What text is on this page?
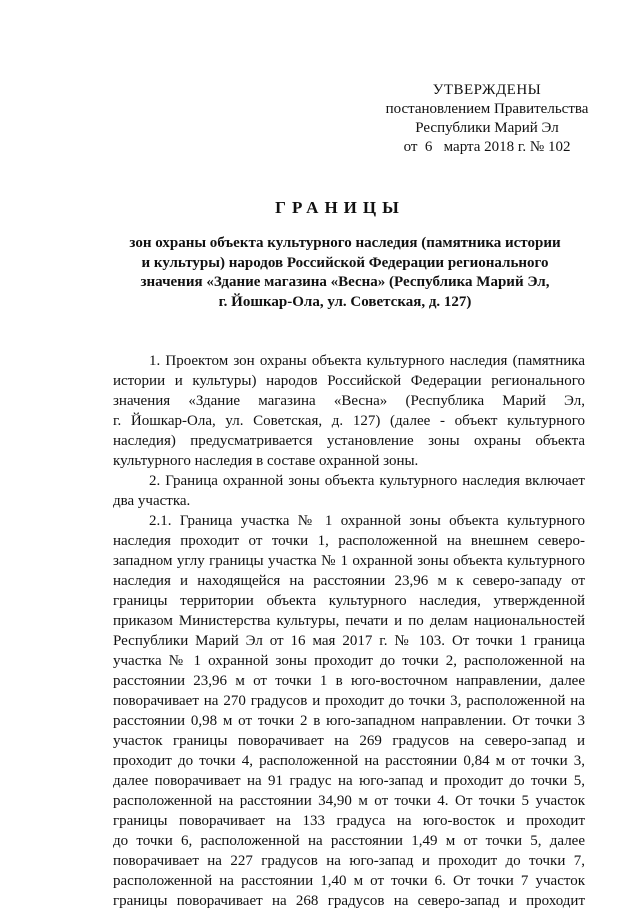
УТВЕРЖДЕНЫ
постановлением Правительства
Республики Марий Эл
от  6   марта 2018 г. № 102
ГРАНИЦЫ
зон охраны объекта культурного наследия (памятника истории
и культуры) народов Российской Федерации регионального
значения «Здание магазина «Весна» (Республика Марий Эл,
г. Йошкар-Ола, ул. Советская, д. 127)
1. Проектом зон охраны объекта культурного наследия (памятника
истории и культуры) народов Российской Федерации регионального
значения «Здание магазина «Весна» (Республика Марий Эл,
г. Йошкар-Ола, ул. Советская, д. 127) (далее - объект культурного
наследия) предусматривается установление зоны охраны объекта
культурного наследия в составе охранной зоны.
2. Граница охранной зоны объекта культурного наследия включает
два участка.
2.1. Граница участка № 1 охранной зоны объекта культурного
наследия проходит от точки 1, расположенной на внешнем северо-
западном углу границы участка № 1 охранной зоны объекта культурного
наследия и находящейся на расстоянии 23,96 м к северо-западу от
границы территории объекта культурного наследия, утвержденной
приказом Министерства культуры, печати и по делам национальностей
Республики Марий Эл от 16 мая 2017 г. № 103. От точки 1 граница
участка № 1 охранной зоны проходит до точки 2, расположенной на
расстоянии 23,96 м от точки 1 в юго-восточном направлении, далее
поворачивает на 270 градусов и проходит до точки 3, расположенной на
расстоянии 0,98 м от точки 2 в юго-западном направлении. От точки 3
участок границы поворачивает на 269 градусов на северо-запад и
проходит до точки 4, расположенной на расстоянии 0,84 м от точки 3,
далее поворачивает на 91 градус на юго-запад и проходит до точки 5,
расположенной на расстоянии 34,90 м от точки 4. От точки 5 участок
границы поворачивает на 133 градуса на юго-восток и проходит
до точки 6, расположенной на расстоянии 1,49 м от точки 5, далее
поворачивает на 227 градусов на юго-запад и проходит до точки 7,
расположенной на расстоянии 1,40 м от точки 6. От точки 7 участок
границы поворачивает на 268 градусов на северо-запад и проходит
